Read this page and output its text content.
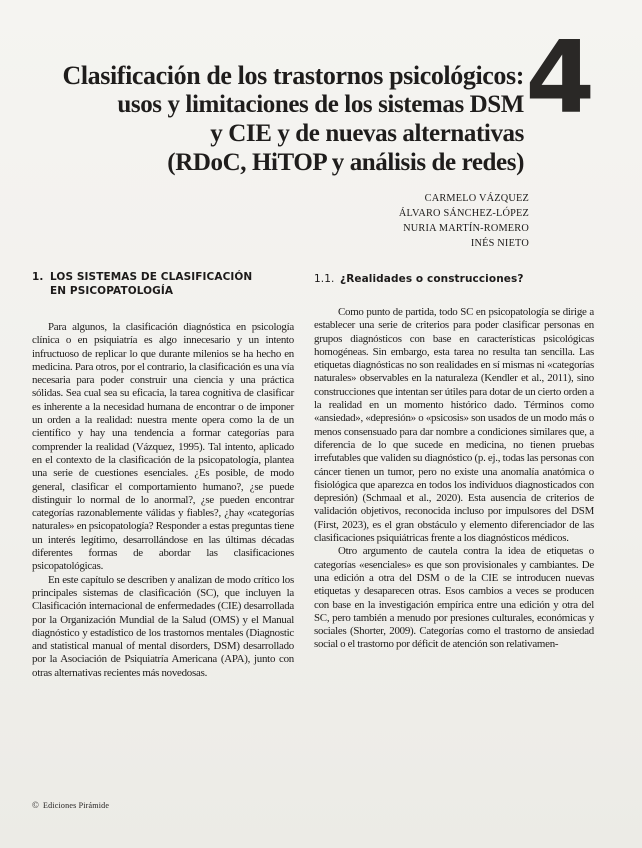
Clasificación de los trastornos psicológicos:
usos y limitaciones de los sistemas DSM
y CIE y de nuevas alternativas
(RDoC, HiTOP y análisis de redes)
4
CARMELO VÁZQUEZ
ÁLVARO SÁNCHEZ-LÓPEZ
NURIA MARTÍN-ROMERO
INÉS NIETO
1. LOS SISTEMAS DE CLASIFICACIÓN
EN PSICOPATOLOGÍA

Para algunos, la clasificación diagnóstica en psicología clínica o en psiquiatría es algo innecesario y un intento infructuoso de replicar lo que durante milenios se ha hecho en medicina. Para otros, por el contrario, la clasificación es una vía necesaria para poder construir una ciencia y una práctica sólidas. Sea cual sea su eficacia, la tarea cognitiva de clasificar es inherente a la necesidad humana de encontrar o de imponer un orden a la realidad: nuestra mente opera como la de un científico y hay una tendencia a formar categorías para comprender la realidad (Vázquez, 1995). Tal intento, aplicado en el contexto de la clasificación de la psicopatología, plantea una serie de cuestiones esenciales. ¿Es posible, de modo general, clasificar el comportamiento humano?, ¿se puede distinguir lo normal de lo anormal?, ¿se pueden encontrar categorías razonablemente válidas y fiables?, ¿hay «categorías naturales» en psicopatología? Responder a estas preguntas tiene un interés legítimo, desarrollándose en las últimas décadas diferentes formas de abordar las clasificaciones psicopatológicas.

En este capítulo se describen y analizan de modo crítico los principales sistemas de clasificación (SC), que incluyen la Clasificación internacional de enfermedades (CIE) desarrollada por la Organización Mundial de la Salud (OMS) y el Manual diagnóstico y estadístico de los trastornos mentales (Diagnostic and statistical manual of mental disorders, DSM) desarrollado por la Asociación de Psiquiatría Americana (APA), junto con otras alternativas recientes más novedosas.

1.1. ¿Realidades o construcciones?

Como punto de partida, todo SC en psicopatología se dirige a establecer una serie de criterios para poder clasificar personas en grupos diagnósticos con base en características psicológicas homogéneas. Sin embargo, esta tarea no resulta tan sencilla. Las etiquetas diagnósticas no son realidades en sí mismas ni «categorías naturales» observables en la naturaleza (Kendler et al., 2011), sino construcciones que intentan ser útiles para dotar de un cierto orden a la realidad en un momento histórico dado. Términos como «ansiedad», «depresión» o «psicosis» son usados de un modo más o menos consensuado para dar nombre a condiciones similares que, a diferencia de lo que sucede en medicina, no tienen pruebas irrefutables que validen su diagnóstico (p. ej., todas las personas con cáncer tienen un tumor, pero no existe una anomalía anatómica o fisiológica que aparezca en todos los individuos diagnosticados con depresión) (Schmaal et al., 2020). Esta ausencia de criterios de validación objetivos, reconocida incluso por impulsores del DSM (First, 2023), es el gran obstáculo y elemento diferenciador de las clasificaciones psiquiátricas frente a los diagnósticos médicos.

Otro argumento de cautela contra la idea de etiquetas o categorías «esenciales» es que son provisionales y cambiantes. De una edición a otra del DSM o de la CIE se introducen nuevas etiquetas y desaparecen otras. Esos cambios a veces se producen con base en la investigación empírica entre una edición y otra del SC, pero también a menudo por presiones culturales, económicas y sociales (Shorter, 2009). Categorías como el trastorno de ansiedad social o el trastorno por déficit de atención son relativamen-

© Ediciones Pirámide
